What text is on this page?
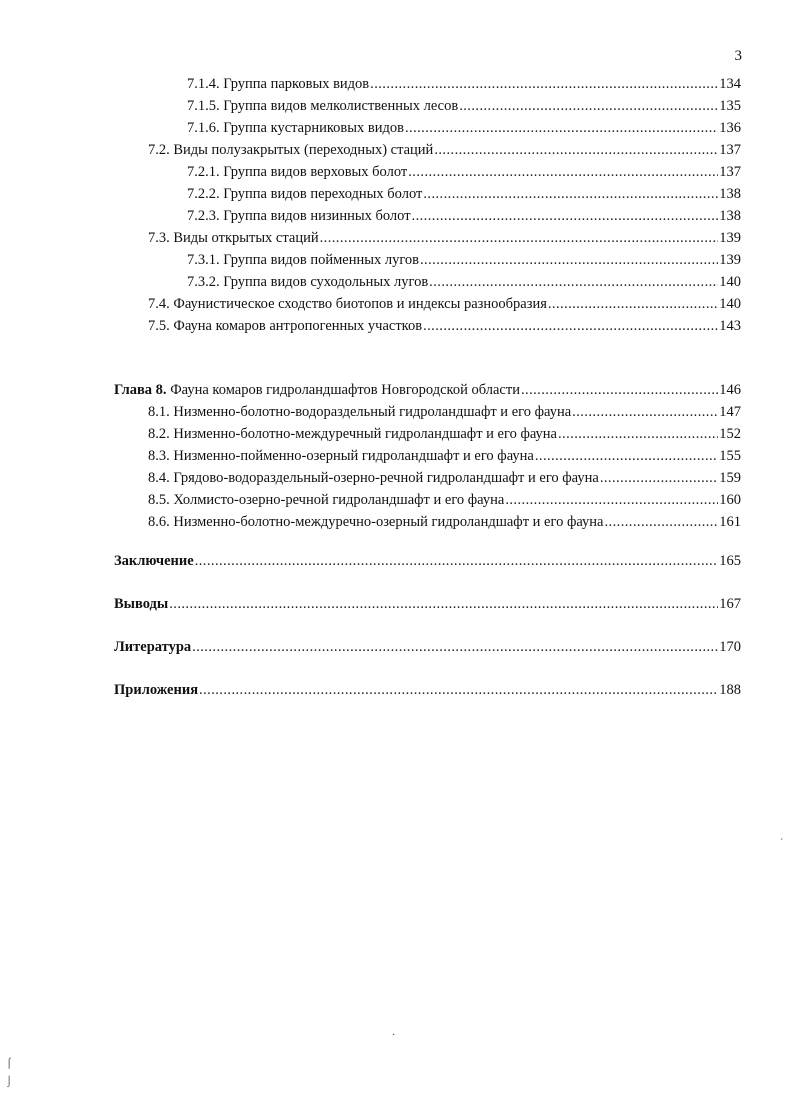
3
7.1.4. Группа парковых видов . . .	134
7.1.5. Группа видов мелколиственных лесов . . .	135
7.1.6. Группа кустарниковых видов . . .	136
7.2. Виды полузакрытых (переходных) стаций . . .	137
7.2.1. Группа видов верховых болот . . .	137
7.2.2. Группа видов переходных болот . . .	138
7.2.3. Группа видов низинных болот . . .	138
7.3. Виды открытых стаций . . .	139
7.3.1. Группа видов пойменных лугов . . .	139
7.3.2. Группа видов суходольных лугов . . .	140
7.4. Фаунистическое сходство биотопов и индексы разнообразия . . .	140
7.5. Фауна комаров антропогенных участков . . .	143
Глава 8. Фауна комаров гидроландшафтов Новгородской области . . .	146
8.1. Низменно-болотно-водораздельный гидроландшафт и его фауна . . .	147
8.2. Низменно-болотно-междуречный гидроландшафт и его фауна . . .	152
8.3. Низменно-пойменно-озерный гидроландшафт и его фауна . . .	155
8.4. Грядово-водораздельный-озерно-речной гидроландшафт и его фауна . . .	159
8.5. Холмисто-озерно-речной гидроландшафт и его фауна . . .	160
8.6. Низменно-болотно-междуречно-озерный гидроландшафт и его фауна . . .	161
Заключение . . .	165
Выводы . . .	167
Литература . . .	170
Приложения . . .	188
ˊ
·
⌠
⌡
